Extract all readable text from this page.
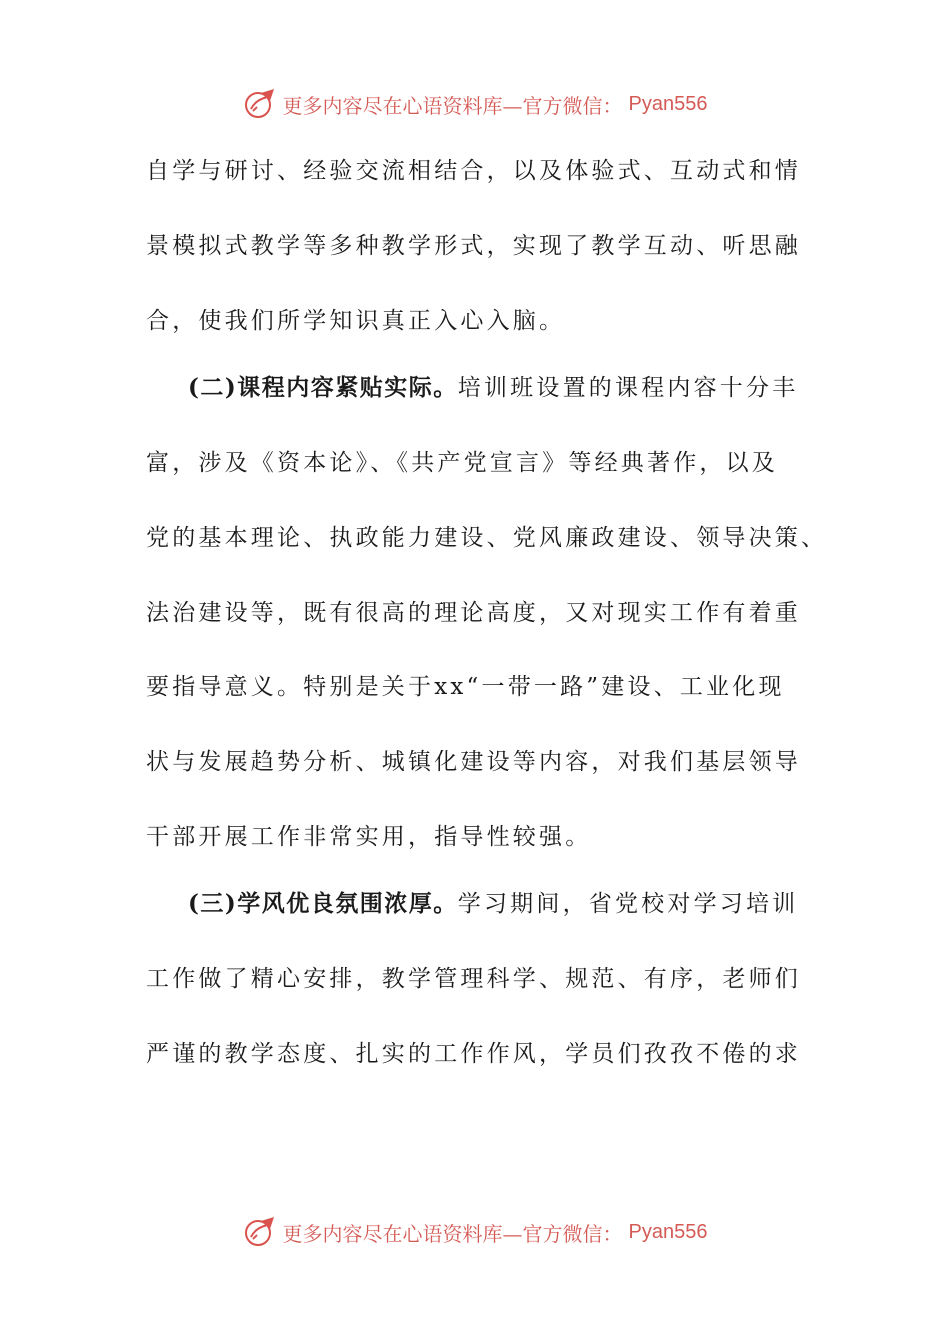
更多内容尽在心语资料库—官方微信： Pyan556
自学与研讨、经验交流相结合，以及体验式、互动式和情
景模拟式教学等多种教学形式，实现了教学互动、听思融
合，使我们所学知识真正入心入脑。
(二)课程内容紧贴实际。培训班设置的课程内容十分丰
富，涉及《资本论》、《共产党宣言》等经典著作，以及
党的基本理论、执政能力建设、党风廉政建设、领导决策、
法治建设等，既有很高的理论高度，又对现实工作有着重
要指导意义。特别是关于xx“一带一路”建设、工业化现
状与发展趋势分析、城镇化建设等内容，对我们基层领导
干部开展工作非常实用，指导性较强。
(三)学风优良氛围浓厚。学习期间，省党校对学习培训
工作做了精心安排，教学管理科学、规范、有序，老师们
严谨的教学态度、扎实的工作作风，学员们孜孜不倦的求
更多内容尽在心语资料库—官方微信： Pyan556
